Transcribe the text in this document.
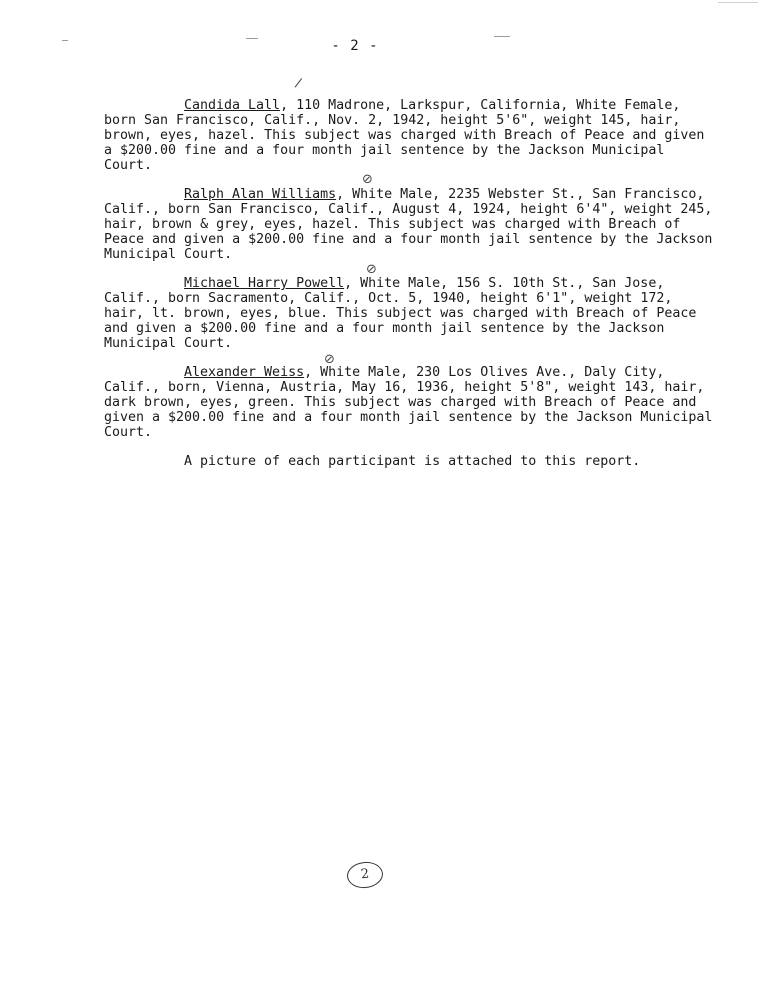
- 2 -
/
⊘
⊘
⊘

Candida Lall, 110 Madrone, Larkspur, California, White Female, born San Francisco, Calif., Nov. 2, 1942, height 5'6", weight 145, hair, brown, eyes, hazel. This subject was charged with Breach of Peace and given a $200.00 fine and a four month jail sentence by the Jackson Municipal Court.

Ralph Alan Williams, White Male, 2235 Webster St., San Francisco, Calif., born San Francisco, Calif., August 4, 1924, height 6'4", weight 245, hair, brown & grey, eyes, hazel. This subject was charged with Breach of Peace and given a $200.00 fine and a four month jail sentence by the Jackson Municipal Court.

Michael Harry Powell, White Male, 156 S. 10th St., San Jose, Calif., born Sacramento, Calif., Oct. 5, 1940, height 6'1", weight 172, hair, lt. brown, eyes, blue. This subject was charged with Breach of Peace and given a $200.00 fine and a four month jail sentence by the Jackson Municipal Court.

Alexander Weiss, White Male, 230 Los Olives Ave., Daly City, Calif., born, Vienna, Austria, May 16, 1936, height 5'8", weight 143, hair, dark brown, eyes, green. This subject was charged with Breach of Peace and given a $200.00 fine and a four month jail sentence by the Jackson Municipal Court.

A picture of each participant is attached to this report.

2
